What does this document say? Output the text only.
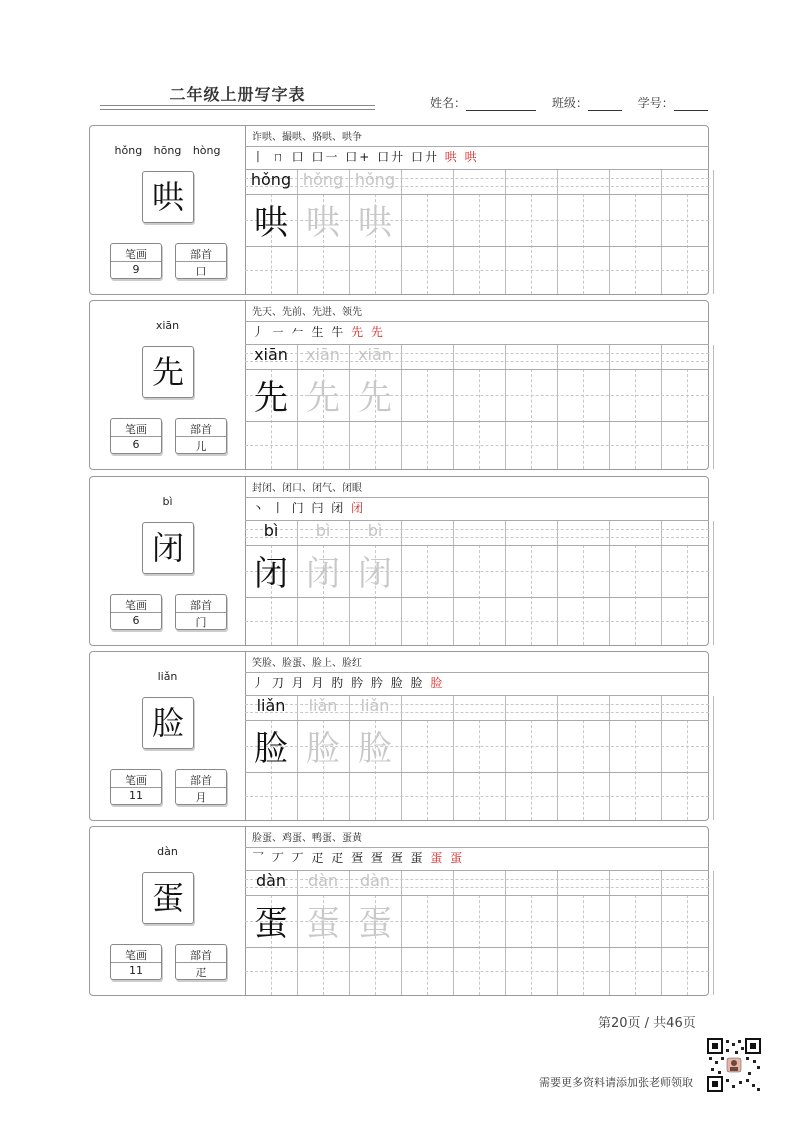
二年级上册写字表	姓名：	班级：	学号：
hǒng hōng hòng
哄
笔画
9
部首
口
诈哄、撮哄、骆哄、哄争
丨 ㄇ 口 口一 口+ 口廾 口廾 哄 哄
hǒng
哄
hǒng
哄
hǒng
哄
xiān
先
笔画
6
部首
儿
先天、先前、先进、领先
丿 ㇐ 𠂉 生 牛 先 先
xiān
先
xiān
先
xiān
先
bì
闭
笔画
6
部首
门
封闭、闭口、闭气、闭眼
丶 丨 门 闩 闭 闭
bì
闭
bì
闭
bì
闭
liǎn
脸
笔画
11
部首
月
笑脸、脸蛋、脸上、脸红
丿 刀 月 月 肑 肣 肣 脸 脸 脸
liǎn
脸
liǎn
脸
liǎn
脸
dàn
蛋
笔画
11
部首
疋
脸蛋、鸡蛋、鸭蛋、蛋黄
乛 丆 丆 疋 疋 疍 疍 疍 蛋 蛋 蛋
dàn
蛋
dàn
蛋
dàn
蛋
第20页 / 共46页
需要更多资料请添加张老师领取
